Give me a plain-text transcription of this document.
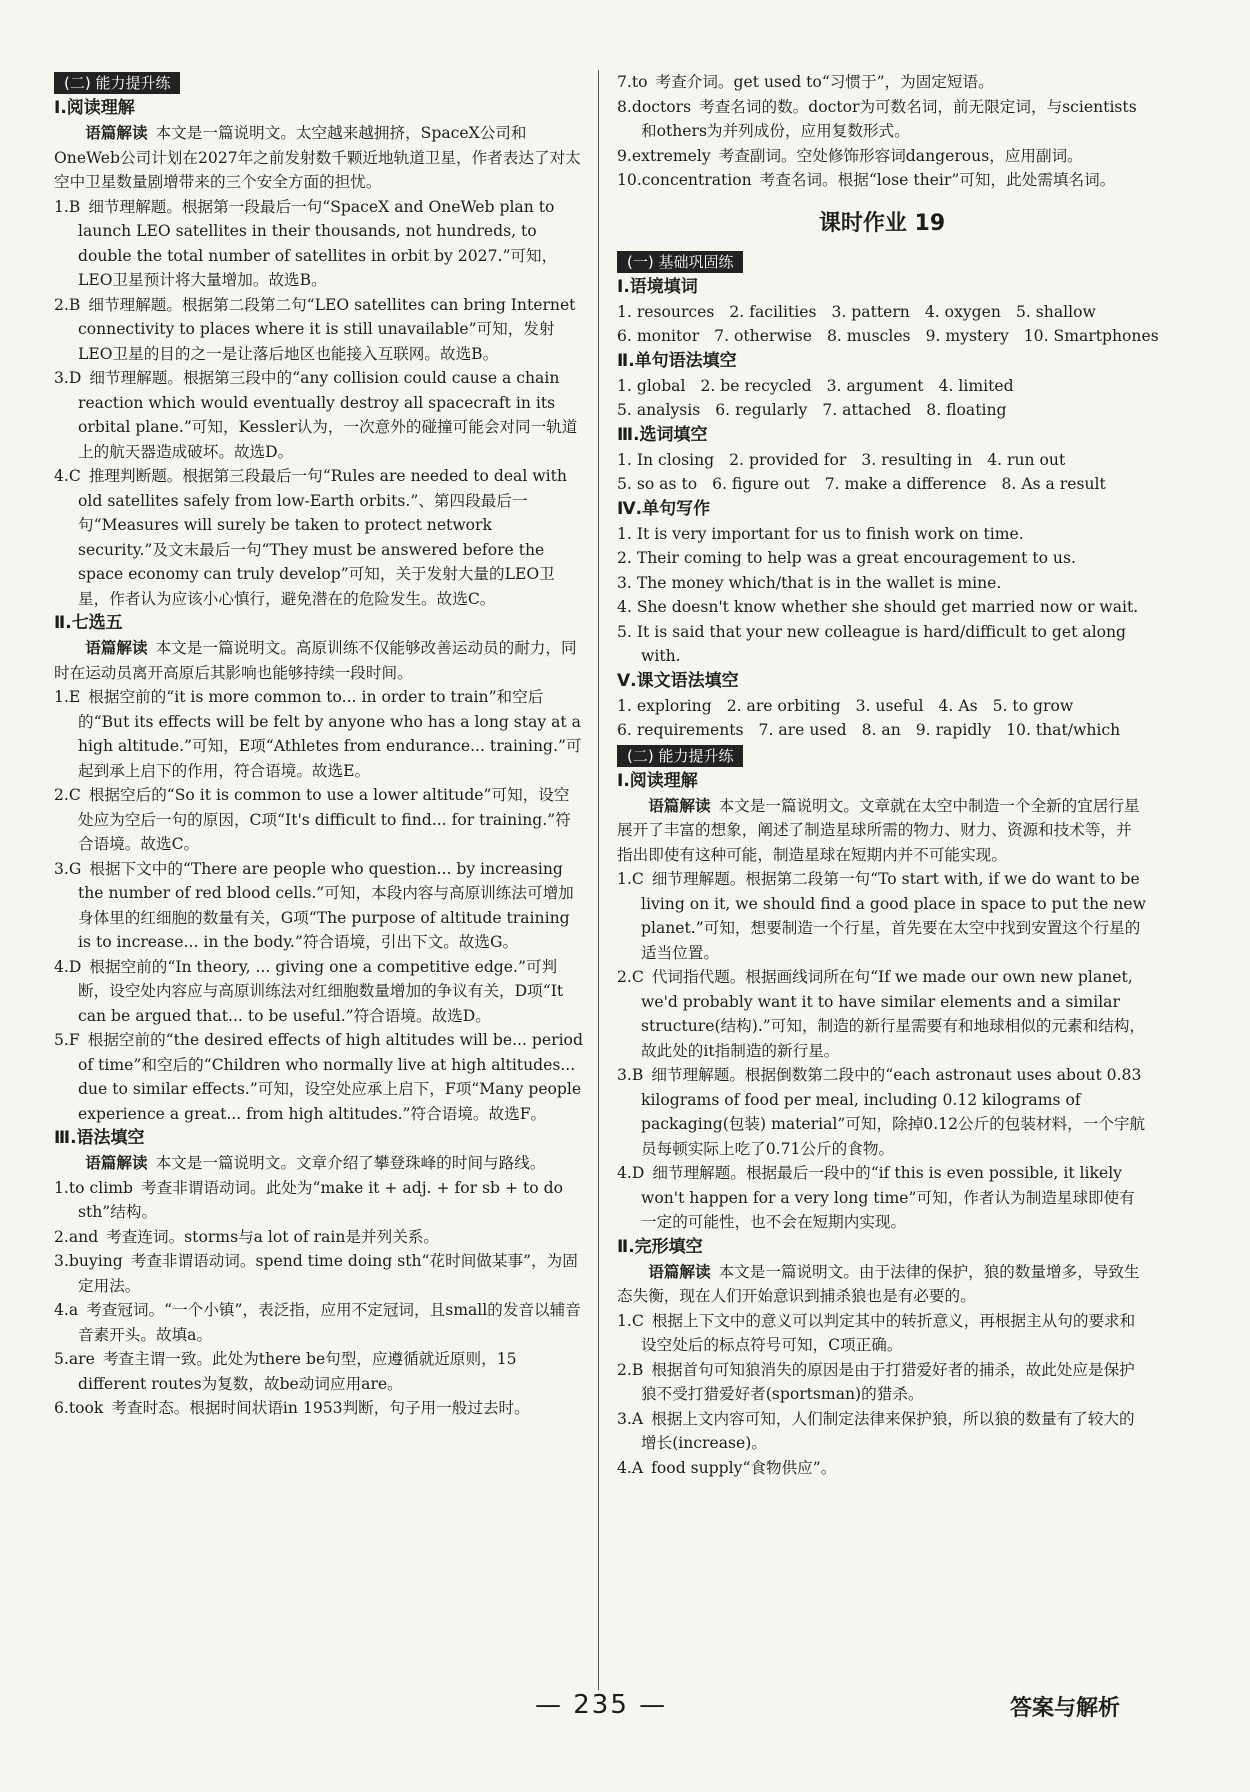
(二) 能力提升练
Ⅰ.阅读理解
语篇解读 本文是一篇说明文。太空越来越拥挤，SpaceX公司和OneWeb公司计划在2027年之前发射数千颗近地轨道卫星，作者表达了对太空中卫星数量剧增带来的三个安全方面的担忧。
1.B 细节理解题。根据第一段最后一句“SpaceX and OneWeb plan to launch LEO satellites in their thousands, not hundreds, to double the total number of satellites in orbit by 2027.”可知，LEO卫星预计将大量增加。故选B。
2.B 细节理解题。根据第二段第二句“LEO satellites can bring Internet connectivity to places where it is still unavailable”可知，发射LEO卫星的目的之一是让落后地区也能接入互联网。故选B。
3.D 细节理解题。根据第三段中的“any collision could cause a chain reaction which would eventually destroy all spacecraft in its orbital plane.”可知，Kessler认为，一次意外的碰撞可能会对同一轨道上的航天器造成破坏。故选D。
4.C 推理判断题。根据第三段最后一句“Rules are needed to deal with old satellites safely from low-Earth orbits.”、第四段最后一句“Measures will surely be taken to protect network security.”及文末最后一句“They must be answered before the space economy can truly develop”可知，关于发射大量的LEO卫星，作者认为应该小心慎行，避免潜在的危险发生。故选C。
Ⅱ.七选五
语篇解读 本文是一篇说明文。高原训练不仅能够改善运动员的耐力，同时在运动员离开高原后其影响也能够持续一段时间。
1.E 根据空前的“it is more common to... in order to train”和空后的“But its effects will be felt by anyone who has a long stay at a high altitude.”可知，E项“Athletes from endurance... training.”可起到承上启下的作用，符合语境。故选E。
2.C 根据空后的“So it is common to use a lower altitude”可知，设空处应为空后一句的原因，C项“It's difficult to find... for training.”符合语境。故选C。
3.G 根据下文中的“There are people who question... by increasing the number of red blood cells.”可知，本段内容与高原训练法可增加身体里的红细胞的数量有关，G项“The purpose of altitude training is to increase... in the body.”符合语境，引出下文。故选G。
4.D 根据空前的“In theory, ... giving one a competitive edge.”可判断，设空处内容应与高原训练法对红细胞数量增加的争议有关，D项“It can be argued that... to be useful.”符合语境。故选D。
5.F 根据空前的“the desired effects of high altitudes will be... period of time”和空后的“Children who normally live at high altitudes... due to similar effects.”可知，设空处应承上启下，F项“Many people experience a great... from high altitudes.”符合语境。故选F。
Ⅲ.语法填空
语篇解读 本文是一篇说明文。文章介绍了攀登珠峰的时间与路线。
1.to climb 考查非谓语动词。此处为“make it + adj. + for sb + to do sth”结构。
2.and 考查连词。storms与a lot of rain是并列关系。
3.buying 考查非谓语动词。spend time doing sth“花时间做某事”，为固定用法。
4.a 考查冠词。“一个小镇”，表泛指，应用不定冠词，且small的发音以辅音音素开头。故填a。
5.are 考查主谓一致。此处为there be句型，应遵循就近原则，15 different routes为复数，故be动词应用are。
6.took 考查时态。根据时间状语in 1953判断，句子用一般过去时。
7.to 考查介词。get used to“习惯于”，为固定短语。
8.doctors 考查名词的数。doctor为可数名词，前无限定词，与scientists和others为并列成份，应用复数形式。
9.extremely 考查副词。空处修饰形容词dangerous，应用副词。
10.concentration 考查名词。根据“lose their”可知，此处需填名词。
课时作业 19
(一) 基础巩固练
Ⅰ.语境填词
1. resources 2. facilities 3. pattern 4. oxygen 5. shallow
6. monitor 7. otherwise 8. muscles 9. mystery 10. Smartphones
Ⅱ.单句语法填空
1. global 2. be recycled 3. argument 4. limited
5. analysis 6. regularly 7. attached 8. floating
Ⅲ.选词填空
1. In closing 2. provided for 3. resulting in 4. run out
5. so as to 6. figure out 7. make a difference 8. As a result
Ⅳ.单句写作
1. It is very important for us to finish work on time.
2. Their coming to help was a great encouragement to us.
3. The money which/that is in the wallet is mine.
4. She doesn't know whether she should get married now or wait.
5. It is said that your new colleague is hard/difficult to get along with.
Ⅴ.课文语法填空
1. exploring 2. are orbiting 3. useful 4. As 5. to grow
6. requirements 7. are used 8. an 9. rapidly 10. that/which
(二) 能力提升练
Ⅰ.阅读理解
语篇解读 本文是一篇说明文。文章就在太空中制造一个全新的宜居行星展开了丰富的想象，阐述了制造星球所需的物力、财力、资源和技术等，并指出即使有这种可能，制造星球在短期内并不可能实现。
1.C 细节理解题。根据第二段第一句“To start with, if we do want to be living on it, we should find a good place in space to put the new planet.”可知，想要制造一个行星，首先要在太空中找到安置这个行星的适当位置。
2.C 代词指代题。根据画线词所在句“If we made our own new planet, we'd probably want it to have similar elements and a similar structure(结构).”可知，制造的新行星需要有和地球相似的元素和结构，故此处的it指制造的新行星。
3.B 细节理解题。根据倒数第二段中的“each astronaut uses about 0.83 kilograms of food per meal, including 0.12 kilograms of packaging(包装) material”可知，除掉0.12公斤的包装材料，一个宇航员每顿实际上吃了0.71公斤的食物。
4.D 细节理解题。根据最后一段中的“if this is even possible, it likely won't happen for a very long time”可知，作者认为制造星球即使有一定的可能性，也不会在短期内实现。
Ⅱ.完形填空
语篇解读 本文是一篇说明文。由于法律的保护，狼的数量增多，导致生态失衡，现在人们开始意识到捕杀狼也是有必要的。
1.C 根据上下文中的意义可以判定其中的转折意义，再根据主从句的要求和设空处后的标点符号可知，C项正确。
2.B 根据首句可知狼消失的原因是由于打猎爱好者的捕杀，故此处应是保护狼不受打猎爱好者(sportsman)的猎杀。
3.A 根据上文内容可知，人们制定法律来保护狼，所以狼的数量有了较大的增长(increase)。
4.A food supply“食物供应”。
— 235 —	答案与解析
